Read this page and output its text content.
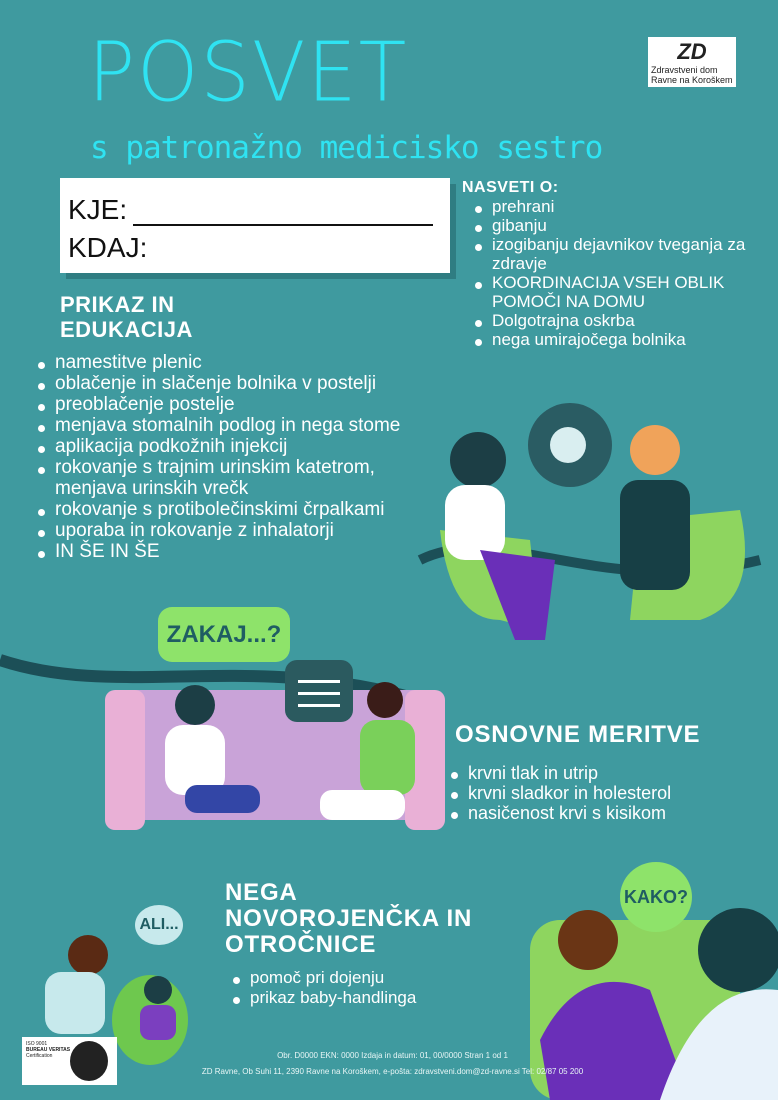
POSVET
s patronažno medicisko sestro
ZD
Zdravstveni dom
Ravne na Koroškem
KJE:
KDAJ:
NASVETI O:
prehrani
gibanju
izogibanju dejavnikov tveganja za zdravje
KOORDINACIJA VSEH OBLIK POMOČI NA DOMU
Dolgotrajna oskrba
nega umirajočega bolnika
PRIKAZ IN EDUKACIJA
namestitve plenic
oblačenje in slačenje bolnika v postelji
preoblačenje postelje
menjava stomalnih podlog in nega stome
aplikacija podkožnih injekcij
rokovanje s trajnim urinskim katetrom, menjava urinskih vrečk
rokovanje s protibolečinskimi črpalkami
uporaba in rokovanje z inhalatorji
IN ŠE IN ŠE
ZAKAJ...?
ALI...
KAKO?
OSNOVNE MERITVE
krvni tlak in utrip
krvni sladkor in holesterol
nasičenost krvi s kisikom
NEGA NOVOROJENČKA IN OTROČNICE
pomoč pri dojenju
prikaz baby-handlinga
ISO 9001
BUREAU VERITAS
Certification	Obr. D0000 EKN: 0000 Izdaja in datum: 01, 00/0000 Stran 1 od 1
ZD Ravne, Ob Suhi 11, 2390 Ravne na Koroškem, e-pošta: zdravstveni.dom@zd-ravne.si Tel: 02/87 05 200
